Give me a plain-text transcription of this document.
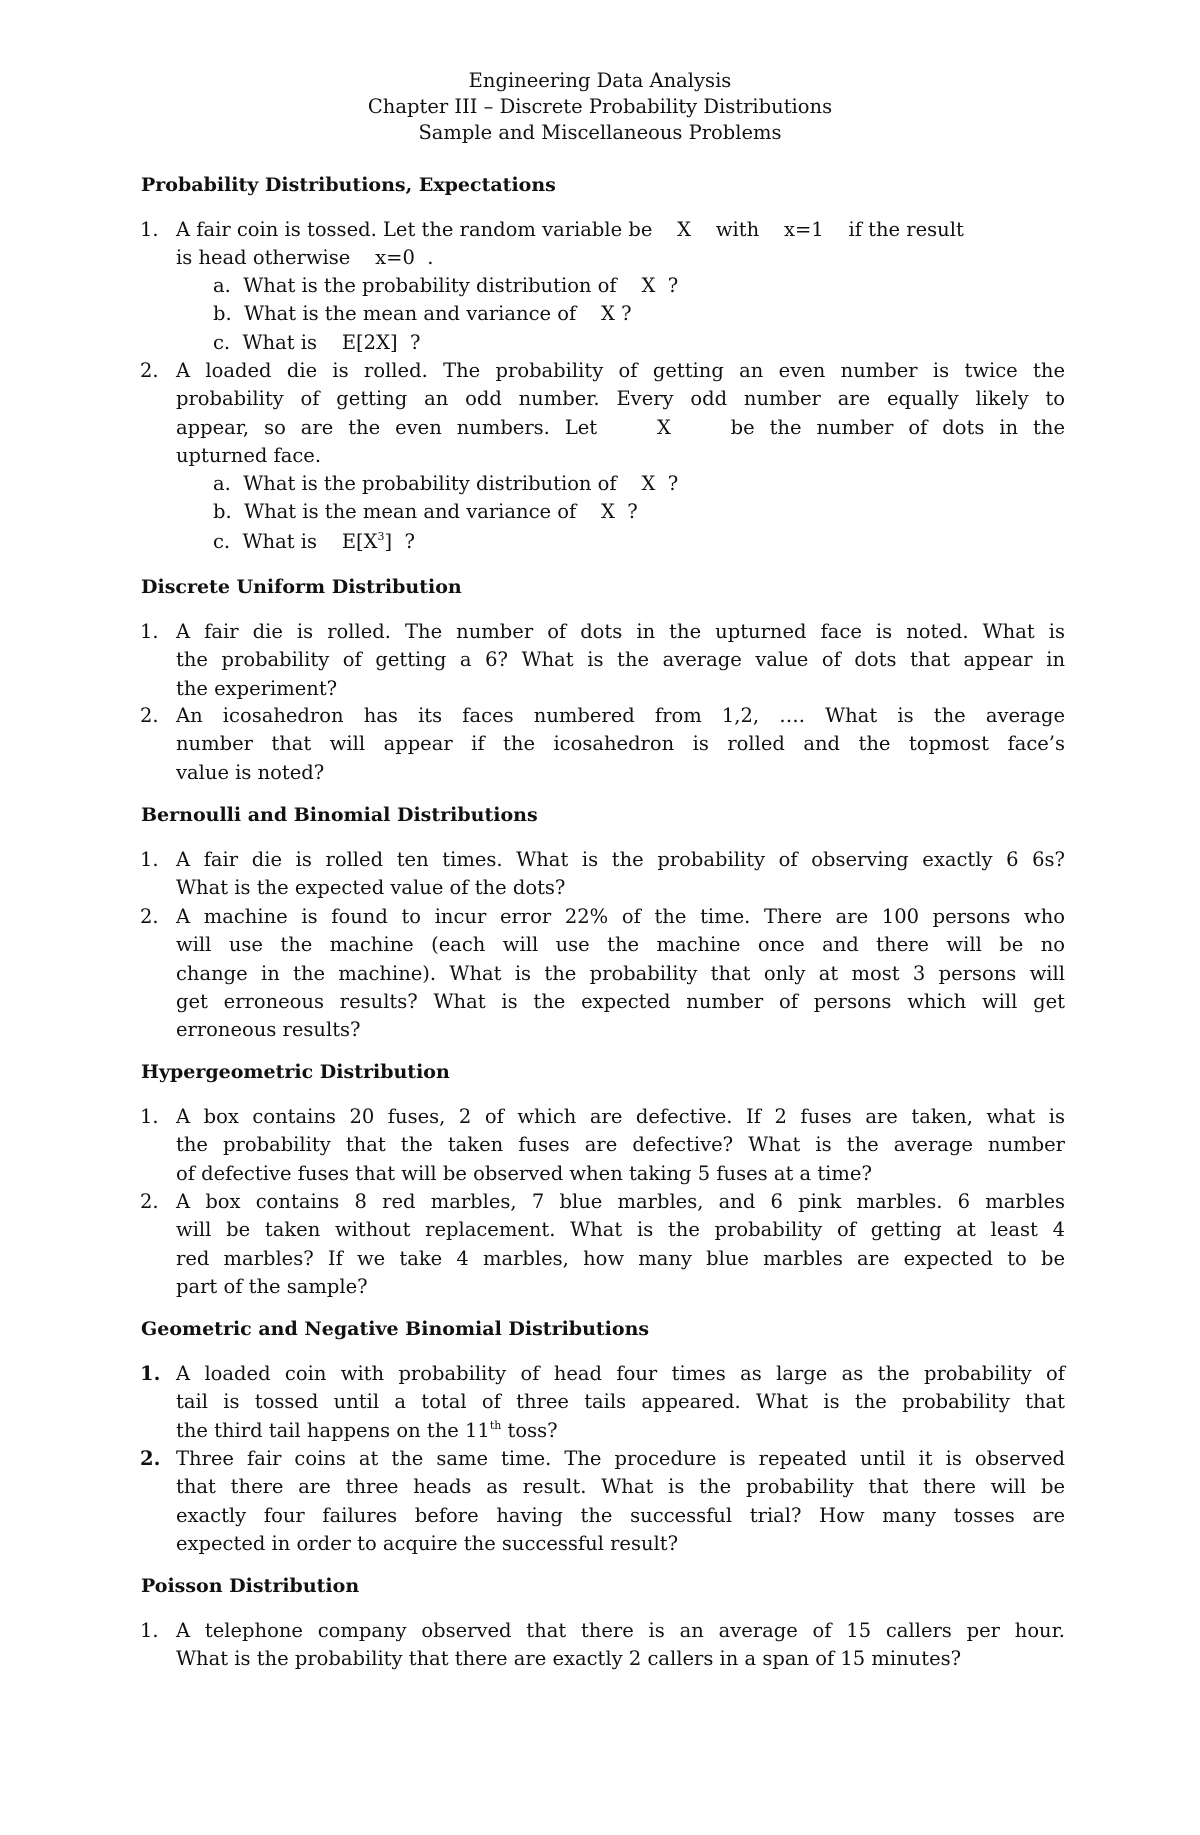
Engineering Data Analysis
Chapter III – Discrete Probability Distributions
Sample and Miscellaneous Problems
Probability Distributions, Expectations
1. A fair coin is tossed. Let the random variable be    X    with    x=1    if the result
is head otherwise    x=0  .
a.  What is the probability distribution of    X  ?
b.  What is the mean and variance of    X ?
c.  What is    E[2X]  ?
2. A loaded die is rolled. The probability of getting an even number is twice the
probability of getting an odd number. Every odd number are equally likely to
appear, so are the even numbers. Let    X    be the number of dots in the
upturned face.
a.  What is the probability distribution of    X  ?
b.  What is the mean and variance of    X  ?
c.  What is    $E[X^3]$  ?
Discrete Uniform Distribution
1. A fair die is rolled. The number of dots in the upturned face is noted. What is
the probability of getting a 6? What is the average value of dots that appear in
the experiment?
2. An icosahedron has its faces numbered from 1,2, …. What is the average
number that will appear if the icosahedron is rolled and the topmost face’s
value is noted?
Bernoulli and Binomial Distributions
1. A fair die is rolled ten times. What is the probability of observing exactly 6 6s?
What is the expected value of the dots?
2. A machine is found to incur error 22% of the time. There are 100 persons who
will use the machine (each will use the machine once and there will be no
change in the machine). What is the probability that only at most 3 persons will
get erroneous results? What is the expected number of persons which will get
erroneous results?
Hypergeometric Distribution
1. A box contains 20 fuses, 2 of which are defective. If 2 fuses are taken, what is
the probability that the taken fuses are defective? What is the average number
of defective fuses that will be observed when taking 5 fuses at a time?
2. A box contains 8 red marbles, 7 blue marbles, and 6 pink marbles. 6 marbles
will be taken without replacement. What is the probability of getting at least 4
red marbles? If we take 4 marbles, how many blue marbles are expected to be
part of the sample?
Geometric and Negative Binomial Distributions
1. A loaded coin with probability of head four times as large as the probability of
tail is tossed until a total of three tails appeared. What is the probability that
the third tail happens on the 11th toss?
2. Three fair coins at the same time. The procedure is repeated until it is observed
that there are three heads as result. What is the probability that there will be
exactly four failures before having the successful trial? How many tosses are
expected in order to acquire the successful result?
Poisson Distribution
1. A telephone company observed that there is an average of 15 callers per hour.
What is the probability that there are exactly 2 callers in a span of 15 minutes?
